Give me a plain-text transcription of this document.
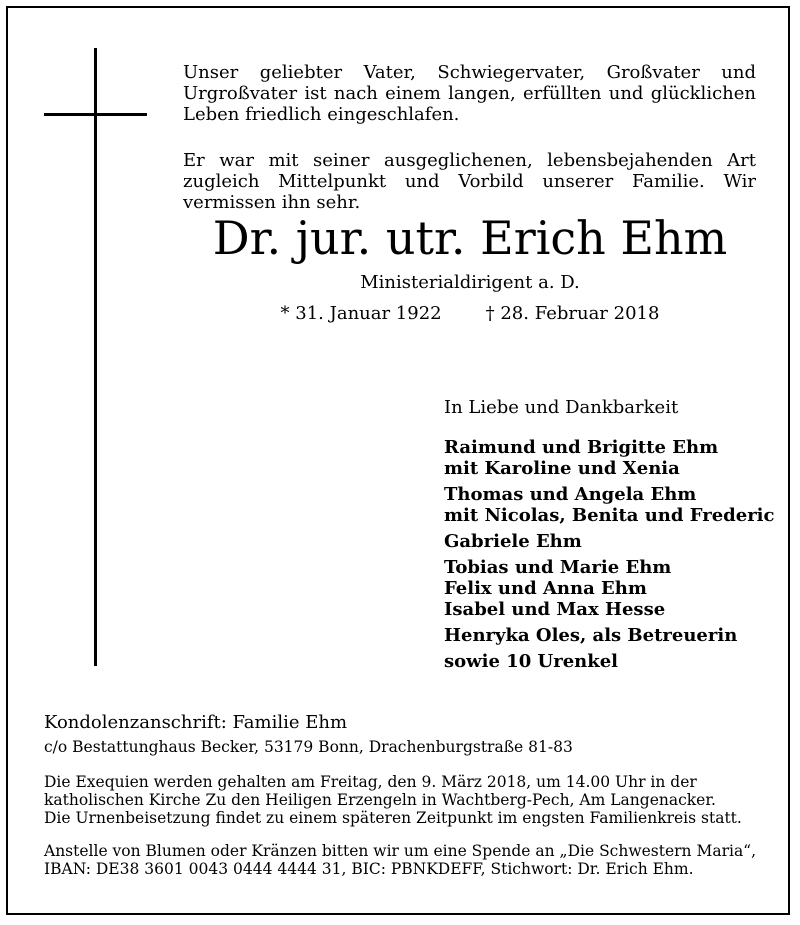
Unser geliebter Vater, Schwiegervater, Großvater und Urgroßvater ist nach einem langen, erfüllten und glücklichen Leben friedlich eingeschlafen.
Er war mit seiner ausgeglichenen, lebensbejahenden Art zugleich Mittelpunkt und Vorbild unserer Familie. Wir vermissen ihn sehr.
Dr. jur. utr. Erich Ehm
Ministerialdirigent a. D.
* 31. Januar 1922 † 28. Februar 2018
In Liebe und Dankbarkeit
Raimund und Brigitte Ehm
mit Karoline und Xenia
Thomas und Angela Ehm
mit Nicolas, Benita und Frederic
Gabriele Ehm
Tobias und Marie Ehm
Felix und Anna Ehm
Isabel und Max Hesse
Henryka Oles, als Betreuerin
sowie 10 Urenkel
Kondolenzanschrift: Familie Ehm
c/o Bestattunghaus Becker, 53179 Bonn, Drachenburgstraße 81-83
Die Exequien werden gehalten am Freitag, den 9. März 2018, um 14.00 Uhr in der katholischen Kirche Zu den Heiligen Erzengeln in Wachtberg-Pech, Am Langenacker.
Die Urnenbeisetzung findet zu einem späteren Zeitpunkt im engsten Familienkreis statt.
Anstelle von Blumen oder Kränzen bitten wir um eine Spende an „Die Schwestern Maria“, IBAN: DE38 3601 0043 0444 4444 31, BIC: PBNKDEFF, Stichwort: Dr. Erich Ehm.
